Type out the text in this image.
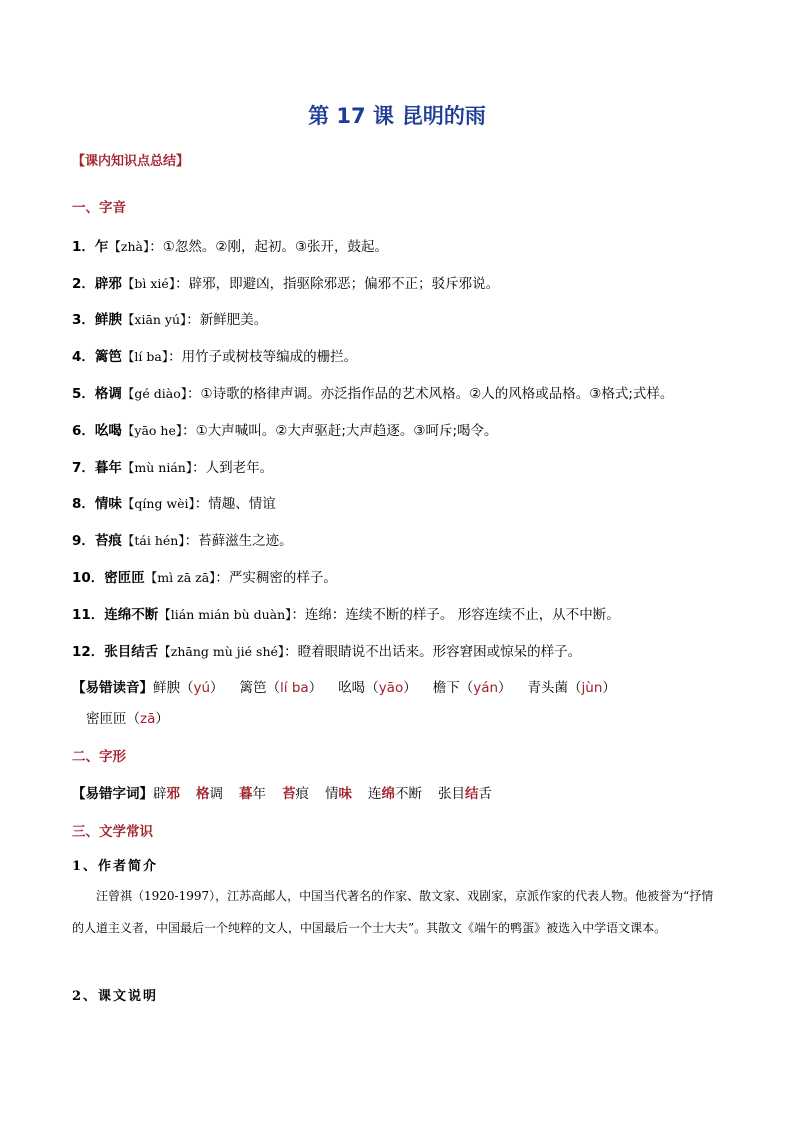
第 17 课 昆明的雨
【课内知识点总结】
一、字音
1．乍【zhà】：①忽然。②刚，起初。③张开，鼓起。
2．辟邪【bì xié】：辟邪，即避凶，指驱除邪恶；偏邪不正；驳斥邪说。
3．鲜腴【xiān yú】：新鲜肥美。
4．篱笆【lí ba】：用竹子或树枝等编成的栅拦。
5．格调【gé diào】：①诗歌的格律声调。亦泛指作品的艺术风格。②人的风格或品格。③格式;式样。
6．吆喝【yāo he】：①大声喊叫。②大声驱赶;大声趋逐。③呵斥;喝令。
7．暮年【mù nián】：人到老年。
8．情味【qíng wèi】：情趣、情谊
9．苔痕【tái hén】：苔藓滋生之迹。
10．密匝匝【mì zā zā】：严实稠密的样子。
11．连绵不断【lián mián bù duàn】：连绵：连续不断的样子。 形容连续不止，从不中断。
12．张目结舌【zhāng mù jié shé】：瞪着眼睛说不出话来。形容窘困或惊呆的样子。
【易错读音】鲜腴（yú） 篱笆（lí ba） 吆喝（yāo） 檐下（yán） 青头菌（jùn）
密匝匝（zā）
二、字形
【易错字词】辟邪 格调 暮年 苔痕 情味 连绵不断 张目结舌
三、文学常识
1、作者简介
汪曾祺（1920-1997），江苏高邮人，中国当代著名的作家、散文家、戏剧家，京派作家的代表人物。他被誉为“抒情的人道主义者，中国最后一个纯粹的文人，中国最后一个士大夫”。其散文《端午的鸭蛋》被选入中学语文课本。
2、课文说明
